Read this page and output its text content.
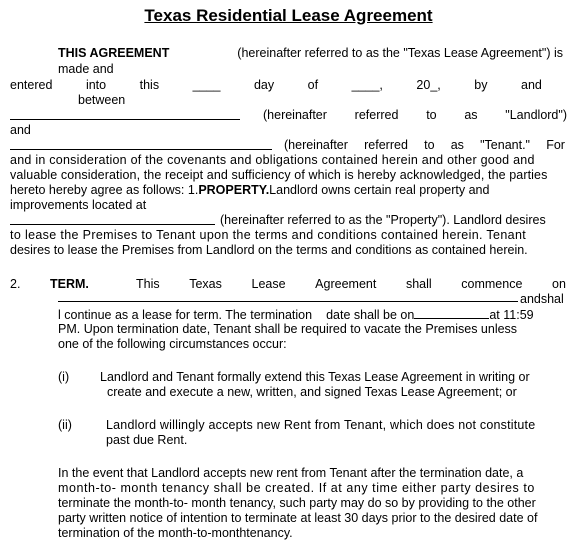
Texas Residential Lease Agreement
THIS AGREEMENT	(hereinafter referred to as the "Texas Lease Agreement") is
made and
entered	into	this	____	day	of	____,	20_,	by	and
between
(hereinafter referred to as "Landlord")
and
(hereinafter referred to as "Tenant." For
and in consideration of the covenants and obligations contained herein and other good and
valuable consideration, the receipt and sufficiency of which is hereby acknowledged, the parties
hereto hereby agree as follows: 1.PROPERTY.Landlord owns certain real property and
improvements located at
(hereinafter referred to as the "Property"). Landlord desires
to lease the Premises to Tenant upon the terms and conditions contained herein. Tenant
desires to lease the Premises from Landlord on the terms and conditions as contained herein.
2. TERM.	This Texas Lease Agreement shall commence on
andshal
l continue as a lease for term. The termination date shall be on	at 11:59
PM. Upon termination date, Tenant shall be required to vacate the Premises unless
one of the following circumstances occur:
(i) Landlord and Tenant formally extend this Texas Lease Agreement in writing or
create and execute a new, written, and signed Texas Lease Agreement; or
(ii)	Landlord willingly accepts new Rent from Tenant, which does not constitute
past due Rent.
In the event that Landlord accepts new rent from Tenant after the termination date, a
month-to- month tenancy shall be created. If at any time either party desires to
terminate the month-to- month tenancy, such party may do so by providing to the other
party written notice of intention to terminate at least 30 days prior to the desired date of
termination of the month-to-monthtenancy.
